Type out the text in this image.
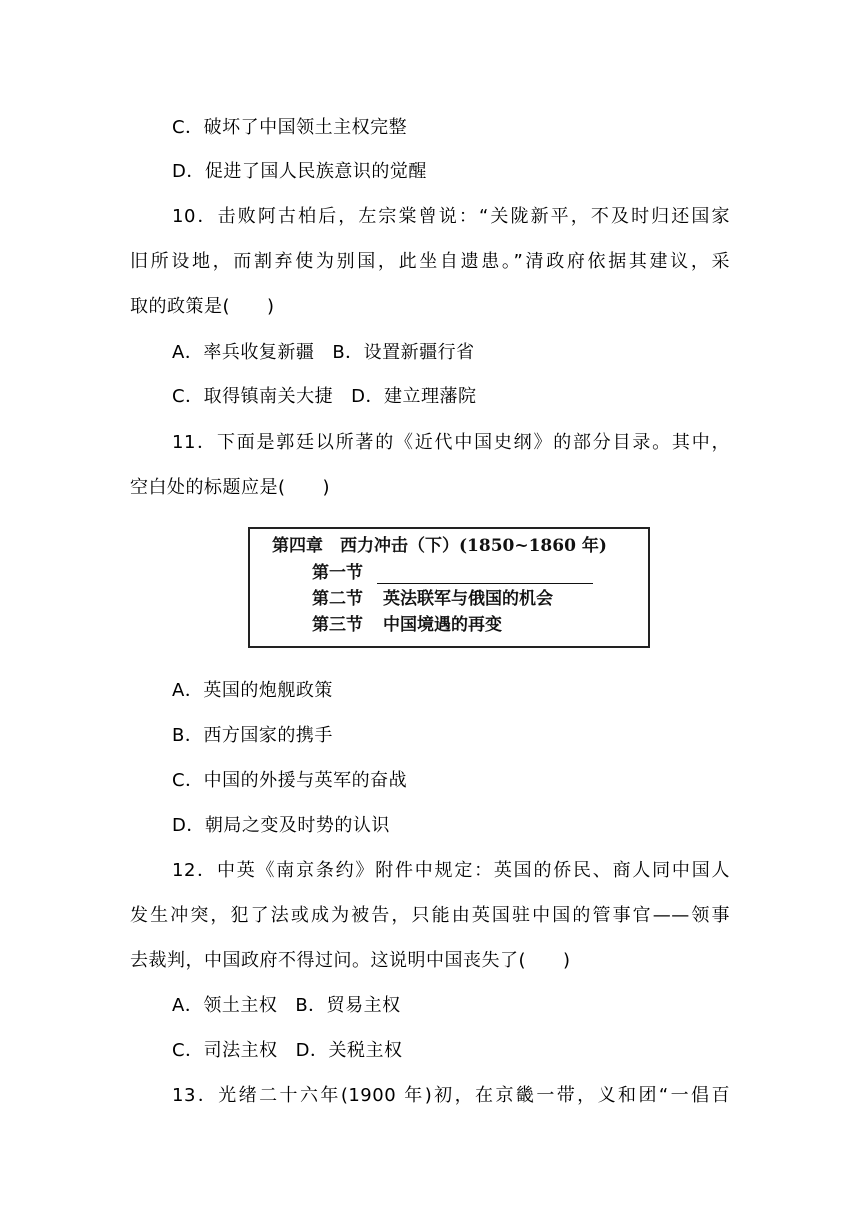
C．破坏了中国领土主权完整
D．促进了国人民族意识的觉醒
10．击败阿古柏后，左宗棠曾说：“关陇新平，不及时归还国家
旧所设地，而割弃使为别国，此坐自遗患。”清政府依据其建议，采
取的政策是(　　)
A．率兵收复新疆 B．设置新疆行省
C．取得镇南关大捷 D．建立理藩院
11．下面是郭廷以所著的《近代中国史纲》的部分目录。其中，
空白处的标题应是(　　)
第四章　西力冲击（下）(1850~1860 年)
第一节
第二节 英法联军与俄国的机会
第三节 中国境遇的再变
A．英国的炮舰政策
B．西方国家的携手
C．中国的外援与英军的奋战
D．朝局之变及时势的认识
12．中英《南京条约》附件中规定：英国的侨民、商人同中国人
发生冲突，犯了法或成为被告，只能由英国驻中国的管事官——领事
去裁判，中国政府不得过问。这说明中国丧失了(　　)
A．领土主权 B．贸易主权
C．司法主权 D．关税主权
13．光绪二十六年(1900 年)初，在京畿一带，义和团“一倡百
